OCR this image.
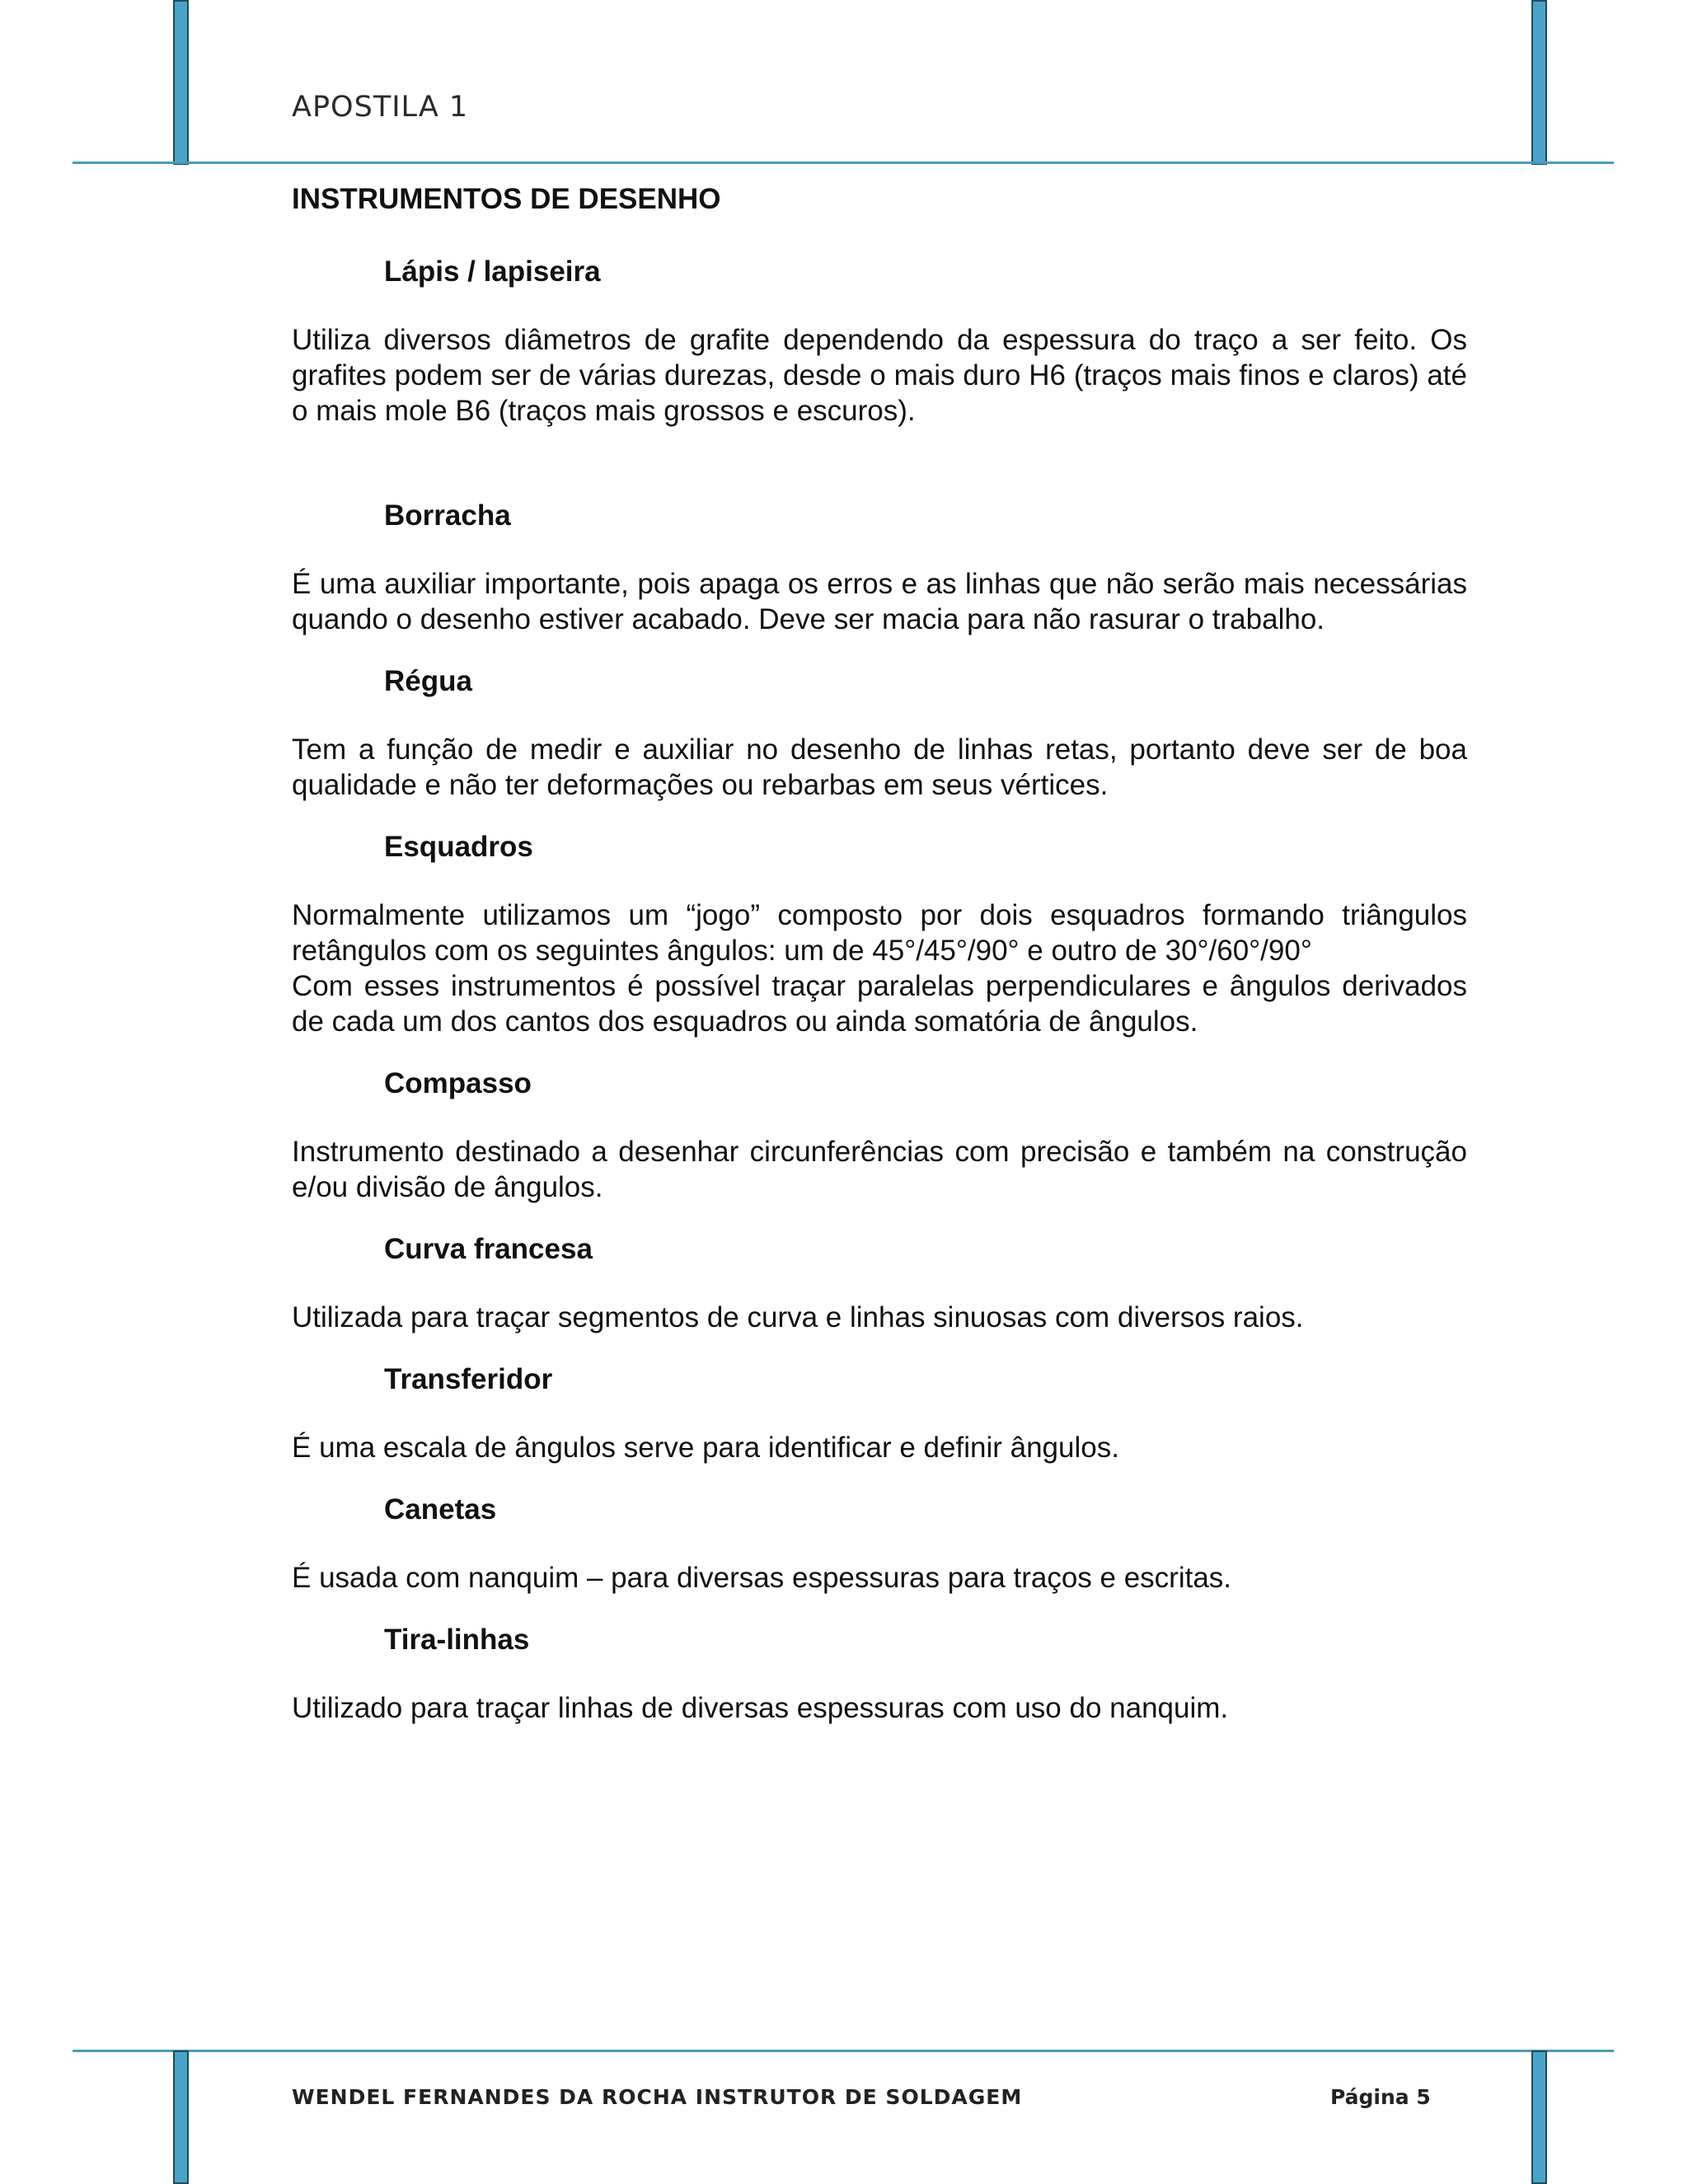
APOSTILA 1
INSTRUMENTOS DE DESENHO
Lápis / lapiseira

Utiliza diversos diâmetros de grafite dependendo da espessura do traço a ser feito. Os grafites podem ser de várias durezas, desde o mais duro H6 (traços mais finos e claros) até o mais mole B6 (traços mais grossos e escuros).

Borracha

É uma auxiliar importante, pois apaga os erros e as linhas que não serão mais necessárias quando o desenho estiver acabado. Deve ser macia para não rasurar o trabalho.

Régua

Tem a função de medir e auxiliar no desenho de linhas retas, portanto deve ser de boa qualidade e não ter deformações ou rebarbas em seus vértices.

Esquadros

Normalmente utilizamos um “jogo” composto por dois esquadros formando triângulos retângulos com os seguintes ângulos: um de 45°/45°/90° e outro de 30°/60°/90°

Com esses instrumentos é possível traçar paralelas perpendiculares e ângulos derivados de cada um dos cantos dos esquadros ou ainda somatória de ângulos.

Compasso

Instrumento destinado a desenhar circunferências com precisão e também na construção e/ou divisão de ângulos.

Curva francesa

Utilizada para traçar segmentos de curva e linhas sinuosas com diversos raios.

Transferidor

É uma escala de ângulos serve para identificar e definir ângulos.

Canetas

É usada com nanquim – para diversas espessuras para traços e escritas.

Tira-linhas

Utilizado para traçar linhas de diversas espessuras com uso do nanquim.

WENDEL FERNANDES DA ROCHA INSTRUTOR DE SOLDAGEM	Página 5
